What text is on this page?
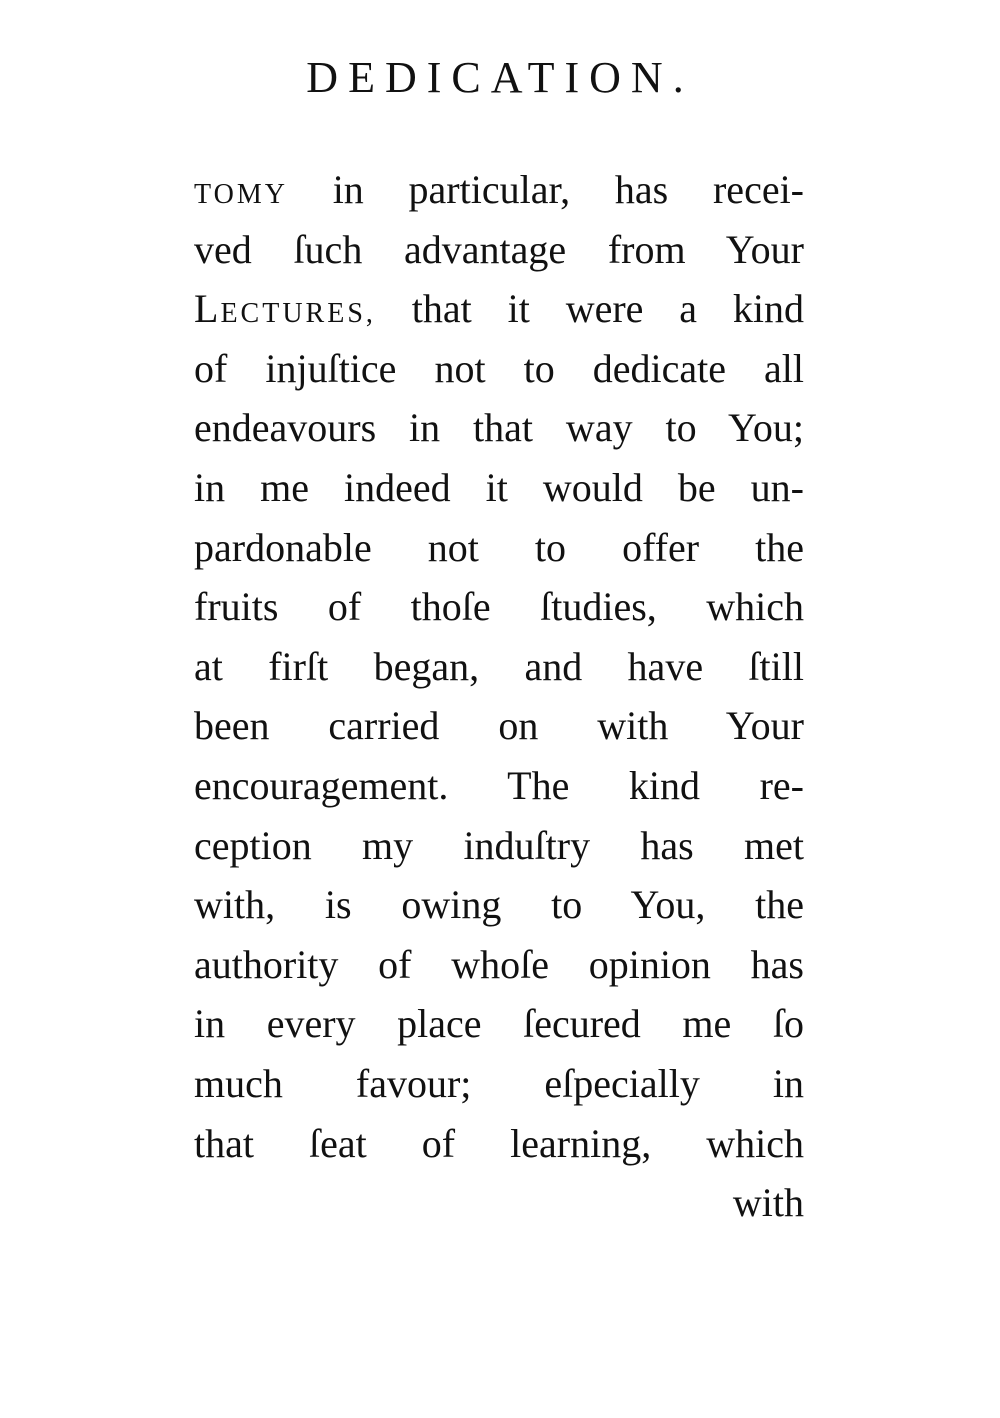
DEDICATION.
TOMY in particular, has recei-
ved ſuch advantage from Your
LECTURES, that it were a kind
of injuſtice not to dedicate all
endeavours in that way to You;
in me indeed it would be un-
pardonable not to offer the
fruits of thoſe ſtudies, which
at firſt began, and have ſtill
been carried on with Your
encouragement. The kind re-
ception my induſtry has met
with, is owing to You, the
authority of whoſe opinion has
in every place ſecured me ſo
much favour; eſpecially in
that ſeat of learning, which
with
